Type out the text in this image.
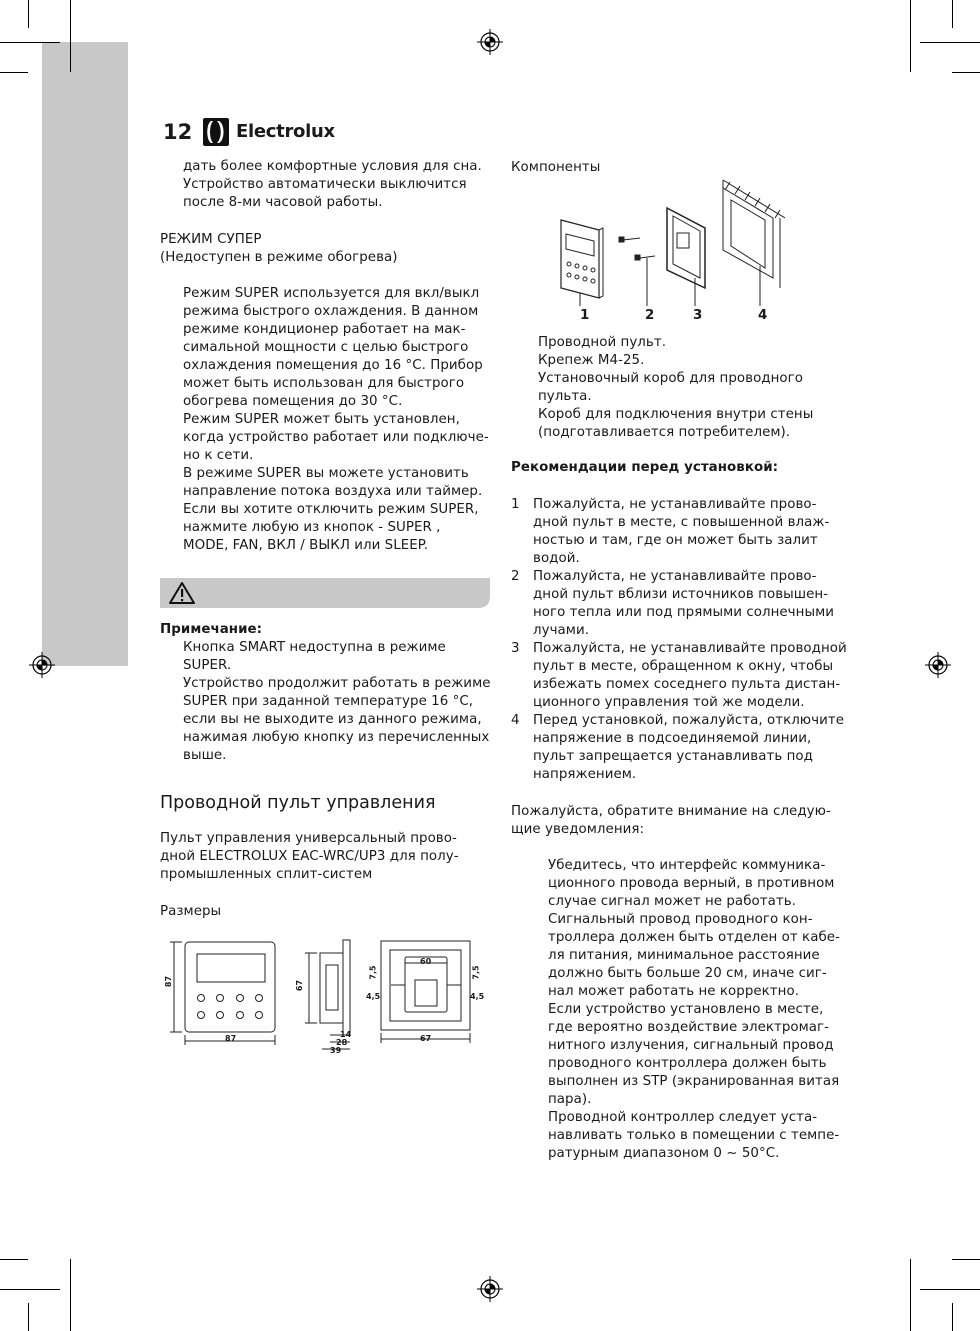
12 Electrolux
дать более комфортные условия для сна.
Устройство автоматически выключится
после 8-ми часовой работы.
РЕЖИМ СУПЕР
(Недоступен в режиме обогрева)
Режим SUPER используется для вкл/выкл
режима быстрого охлаждения. В данном
режиме кондиционер работает на мак-
симальной мощности с целью быстрого
охлаждения помещения до 16 °C. Прибор
может быть использован для быстрого
обогрева помещения до 30 °C.
Режим SUPER может быть установлен,
когда устройство работает или подключе-
но к сети.
В режиме SUPER вы можете установить
направление потока воздуха или таймер.
Если вы хотите отключить режим SUPER,
нажмите любую из кнопок - SUPER ,
MODE, FAN, ВКЛ / ВЫКЛ или SLEEP.
Примечание:
Кнопка SMART недоступна в режиме
SUPER.
Устройство продолжит работать в режиме
SUPER при заданной температуре 16 °C,
если вы не выходите из данного режима,
нажимая любую кнопку из перечисленных
выше.
Проводной пульт управления
Пульт управления универсальный прово-
дной ELECTROLUX EAC-WRC/UP3 для полу-
промышленных сплит-систем
Размеры
87
87
67
14
28
39
60
67
7,5	7,5
4,5	4,5
Компоненты
1	2	3	4
Проводной пульт.
Крепеж М4-25.
Установочный короб для проводного
пульта.
Короб для подключения внутри стены
(подготавливается потребителем).
Рекомендации перед установкой:
1 Пожалуйста, не устанавливайте прово-
дной пульт в месте, с повышенной влаж-
ностью и там, где он может быть залит
водой.
2 Пожалуйста, не устанавливайте прово-
дной пульт вблизи источников повышен-
ного тепла или под прямыми солнечными
лучами.
3 Пожалуйста, не устанавливайте проводной
пульт в месте, обращенном к окну, чтобы
избежать помех соседнего пульта дистан-
ционного управления той же модели.
4 Перед установкой, пожалуйста, отключите
напряжение в подсоединяемой линии,
пульт запрещается устанавливать под
напряжением.
Пожалуйста, обратите внимание на следую-
щие уведомления:
Убедитесь, что интерфейс коммуника-
ционного провода верный, в противном
случае сигнал может не работать.
Сигнальный провод проводного кон-
троллера должен быть отделен от кабе-
ля питания, минимальное расстояние
должно быть больше 20 см, иначе сиг-
нал может работать не корректно.
Если устройство установлено в месте,
где вероятно воздействие электромаг-
нитного излучения, сигнальный провод
проводного контроллера должен быть
выполнен из STP (экранированная витая
пара).
Проводной контроллер следует уста-
навливать только в помещении с темпе-
ратурным диапазоном 0 ~ 50°C.
